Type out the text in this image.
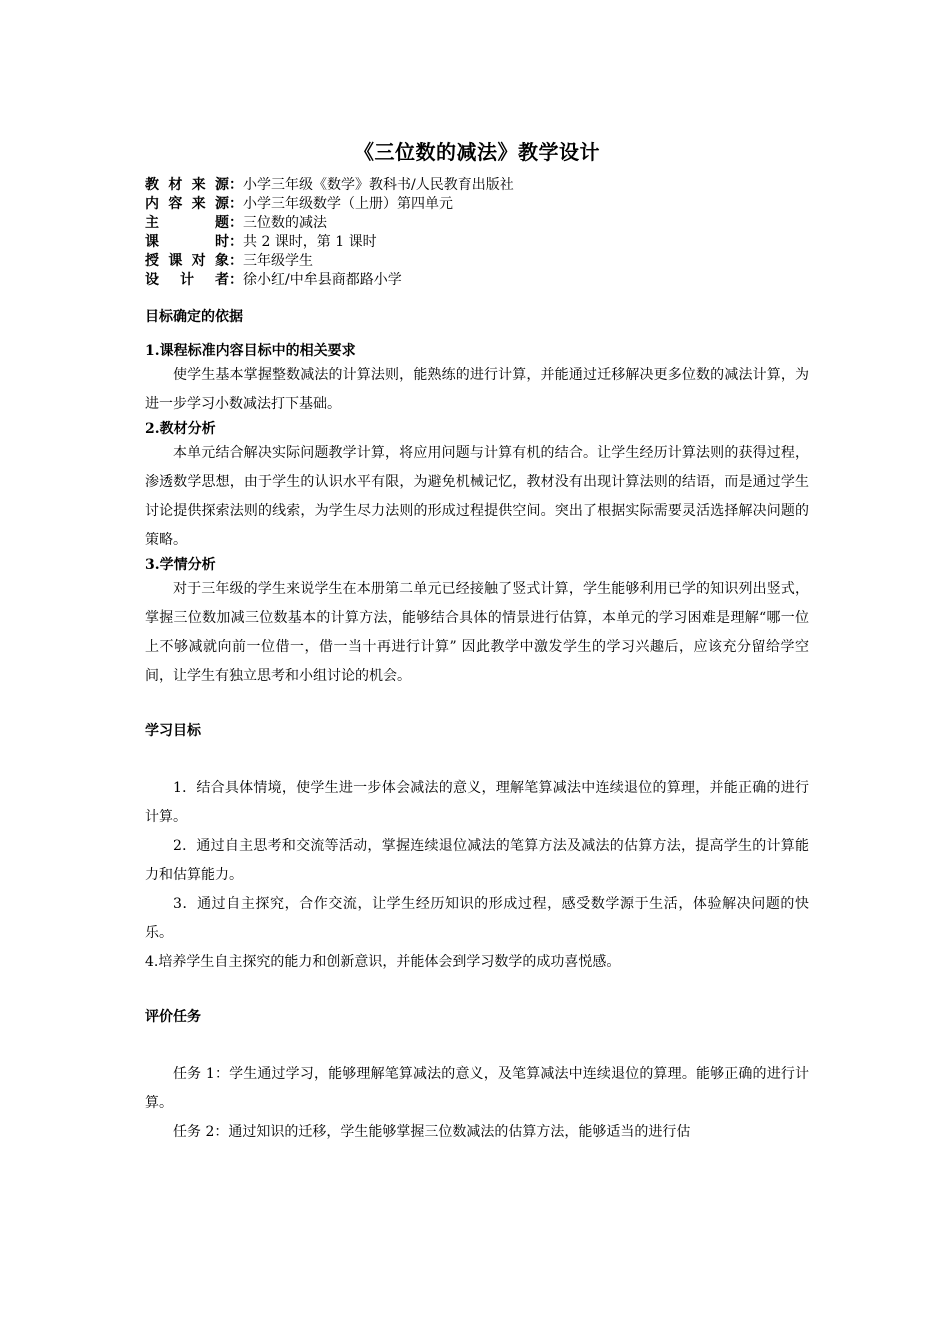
《三位数的减法》教学设计
教材来源：小学三年级《数学》教科书/人民教育出版社
内容来源：小学三年级数学（上册）第四单元
主题：三位数的减法
课时：共 2 课时，第 1 课时
授课对象：三年级学生
设计者：徐小红/中牟县商都路小学
目标确定的依据
1.课程标准内容目标中的相关要求

使学生基本掌握整数减法的计算法则，能熟练的进行计算，并能通过迁移解决更多位数的减法计算，为进一步学习小数减法打下基础。

2.教材分析

本单元结合解决实际问题教学计算，将应用问题与计算有机的结合。让学生经历计算法则的获得过程，渗透数学思想，由于学生的认识水平有限，为避免机械记忆，教材没有出现计算法则的结语，而是通过学生讨论提供探索法则的线索，为学生尽力法则的形成过程提供空间。突出了根据实际需要灵活选择解决问题的策略。

3.学情分析

对于三年级的学生来说学生在本册第二单元已经接触了竖式计算，学生能够利用已学的知识列出竖式，掌握三位数加减三位数基本的计算方法，能够结合具体的情景进行估算，本单元的学习困难是理解“哪一位上不够减就向前一位借一，借一当十再进行计算” 因此教学中激发学生的学习兴趣后，应该充分留给学空间，让学生有独立思考和小组讨论的机会。

学习目标

1．结合具体情境，使学生进一步体会减法的意义，理解笔算减法中连续退位的算理，并能正确的进行计算。

2．通过自主思考和交流等活动，掌握连续退位减法的笔算方法及减法的估算方法，提高学生的计算能力和估算能力。

3．通过自主探究，合作交流，让学生经历知识的形成过程，感受数学源于生活，体验解决问题的快乐。

4.培养学生自主探究的能力和创新意识，并能体会到学习数学的成功喜悦感。

评价任务

任务 1：学生通过学习，能够理解笔算减法的意义，及笔算减法中连续退位的算理。能够正确的进行计算。

任务 2：通过知识的迁移，学生能够掌握三位数减法的估算方法，能够适当的进行估
